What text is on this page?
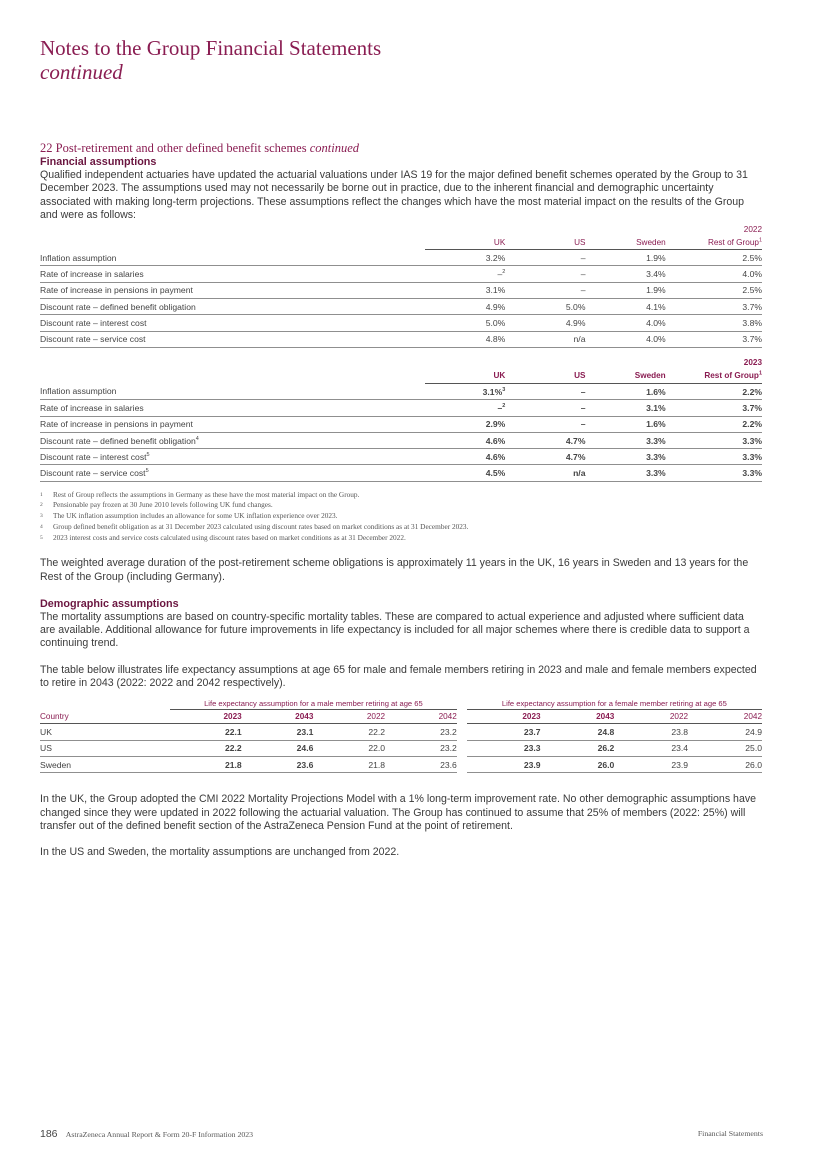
Notes to the Group Financial Statements
continued
22 Post-retirement and other defined benefit schemes continued
Financial assumptions

Qualified independent actuaries have updated the actuarial valuations under IAS 19 for the major defined benefit schemes operated by the Group to 31 December 2023. The assumptions used may not necessarily be borne out in practice, due to the inherent financial and demographic uncertainty associated with making long-term projections. These assumptions reflect the changes which have the most material impact on the results of the Group and were as follows:

				2022
	UK	US	Sweden	Rest of Group$^1$
Inflation assumption	3.2%	–	1.9%	2.5%
Rate of increase in salaries	–$^2$	–	3.4%	4.0%
Rate of increase in pensions in payment	3.1%	–	1.9%	2.5%
Discount rate – defined benefit obligation	4.9%	5.0%	4.1%	3.7%
Discount rate – interest cost	5.0%	4.9%	4.0%	3.8%
Discount rate – service cost	4.8%	n/a	4.0%	3.7%
				2023
	UK	US	Sweden	Rest of Group$^1$
Inflation assumption	3.1%$^3$	–	1.6%	2.2%
Rate of increase in salaries	–$^2$	–	3.1%	3.7%
Rate of increase in pensions in payment	2.9%	–	1.6%	2.2%
Discount rate – defined benefit obligation$^4$	4.6%	4.7%	3.3%	3.3%
Discount rate – interest cost$^5$	4.6%	4.7%	3.3%	3.3%
Discount rate – service cost$^5$	4.5%	n/a	3.3%	3.3%
1 Rest of Group reflects the assumptions in Germany as these have the most material impact on the Group.
2 Pensionable pay frozen at 30 June 2010 levels following UK fund changes.
3 The UK inflation assumption includes an allowance for some UK inflation experience over 2023.
4 Group defined benefit obligation as at 31 December 2023 calculated using discount rates based on market conditions as at 31 December 2023.
5 2023 interest costs and service costs calculated using discount rates based on market conditions as at 31 December 2022.

The weighted average duration of the post-retirement scheme obligations is approximately 11 years in the UK, 16 years in Sweden and 13 years for the Rest of the Group (including Germany).

Demographic assumptions

The mortality assumptions are based on country-specific mortality tables. These are compared to actual experience and adjusted where sufficient data are available. Additional allowance for future improvements in life expectancy is included for all major schemes where there is credible data to support a continuing trend.

The table below illustrates life expectancy assumptions at age 65 for male and female members retiring in 2023 and male and female members expected to retire in 2043 (2022: 2022 and 2042 respectively).

	Life expectancy assumption for a male member retiring at age 65					Life expectancy assumption for a female member retiring at age 65			
Country	2023	2043	2022	2042		2023	2043	2022	2042
UK	22.1	23.1	22.2	23.2		23.7	24.8	23.8	24.9
US	22.2	24.6	22.0	23.2		23.3	26.2	23.4	25.0
Sweden	21.8	23.6	21.8	23.6		23.9	26.0	23.9	26.0

In the UK, the Group adopted the CMI 2022 Mortality Projections Model with a 1% long-term improvement rate. No other demographic assumptions have changed since they were updated in 2022 following the actuarial valuation. The Group has continued to assume that 25% of members (2022: 25%) will transfer out of the defined benefit section of the AstraZeneca Pension Fund at the point of retirement.

In the US and Sweden, the mortality assumptions are unchanged from 2022.

186 AstraZeneca Annual Report & Form 20-F Information 2023	Financial Statements
